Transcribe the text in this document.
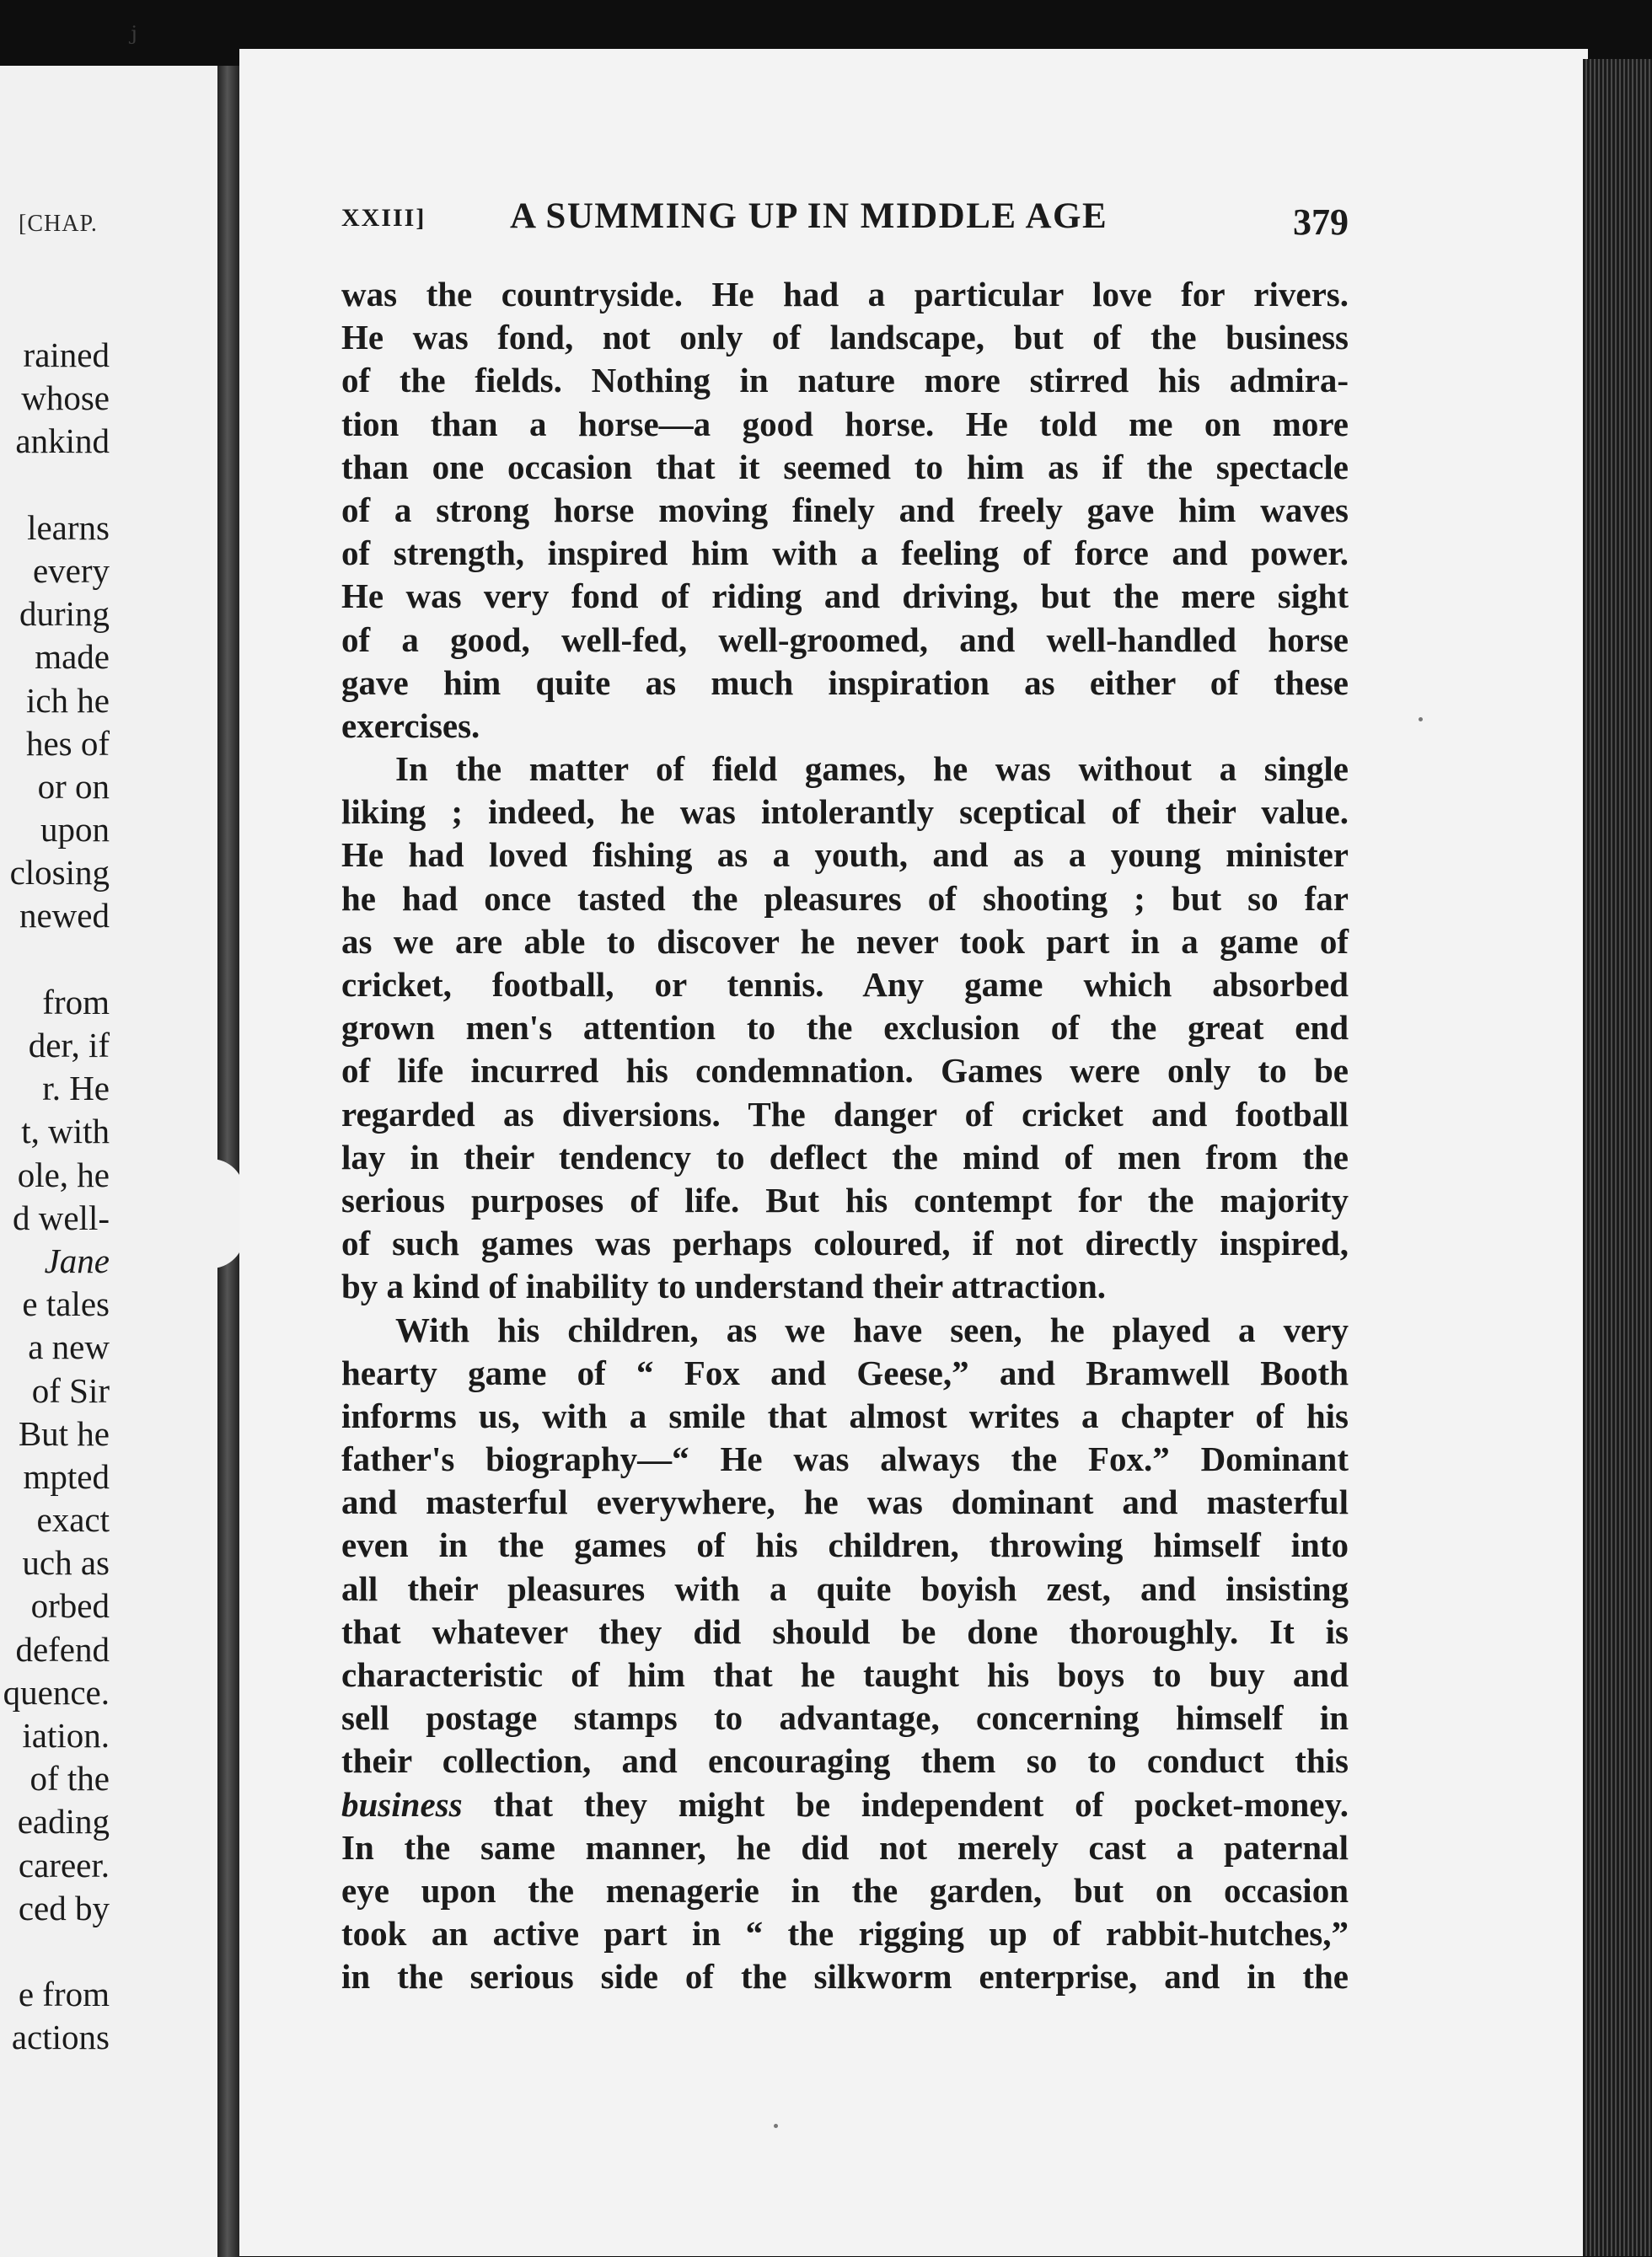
ⱼ
[CHAP.
rained
whose
ankind
learns
every
during
made
ich he
hes of
or on
upon
closing
newed
from
der, if
r. He
t, with
ole, he
d well-
Jane
e tales
a new
of Sir
But he
mpted
exact
uch as
orbed
defend
quence.
iation.
of the
eading
career.
ced by
e from
actions
XXIII] A SUMMING UP IN MIDDLE AGE	379
was the countryside. He had a particular love for rivers.
He was fond, not only of landscape, but of the business
of the fields. Nothing in nature more stirred his admira-
tion than a horse—a good horse. He told me on more
than one occasion that it seemed to him as if the spectacle
of a strong horse moving finely and freely gave him waves
of strength, inspired him with a feeling of force and power.
He was very fond of riding and driving, but the mere sight
of a good, well-fed, well-groomed, and well-handled horse
gave him quite as much inspiration as either of these
exercises.
In the matter of field games, he was without a single
liking ; indeed, he was intolerantly sceptical of their value.
He had loved fishing as a youth, and as a young minister
he had once tasted the pleasures of shooting ; but so far
as we are able to discover he never took part in a game of
cricket, football, or tennis. Any game which absorbed
grown men's attention to the exclusion of the great end
of life incurred his condemnation. Games were only to be
regarded as diversions. The danger of cricket and football
lay in their tendency to deflect the mind of men from the
serious purposes of life. But his contempt for the majority
of such games was perhaps coloured, if not directly inspired,
by a kind of inability to understand their attraction.
With his children, as we have seen, he played a very
hearty game of “ Fox and Geese,” and Bramwell Booth
informs us, with a smile that almost writes a chapter of his
father's biography—“ He was always the Fox.” Dominant
and masterful everywhere, he was dominant and masterful
even in the games of his children, throwing himself into
all their pleasures with a quite boyish zest, and insisting
that whatever they did should be done thoroughly. It is
characteristic of him that he taught his boys to buy and
sell postage stamps to advantage, concerning himself in
their collection, and encouraging them so to conduct this
business that they might be independent of pocket-money.
In the same manner, he did not merely cast a paternal
eye upon the menagerie in the garden, but on occasion
took an active part in “ the rigging up of rabbit-hutches,”
in the serious side of the silkworm enterprise, and in the
